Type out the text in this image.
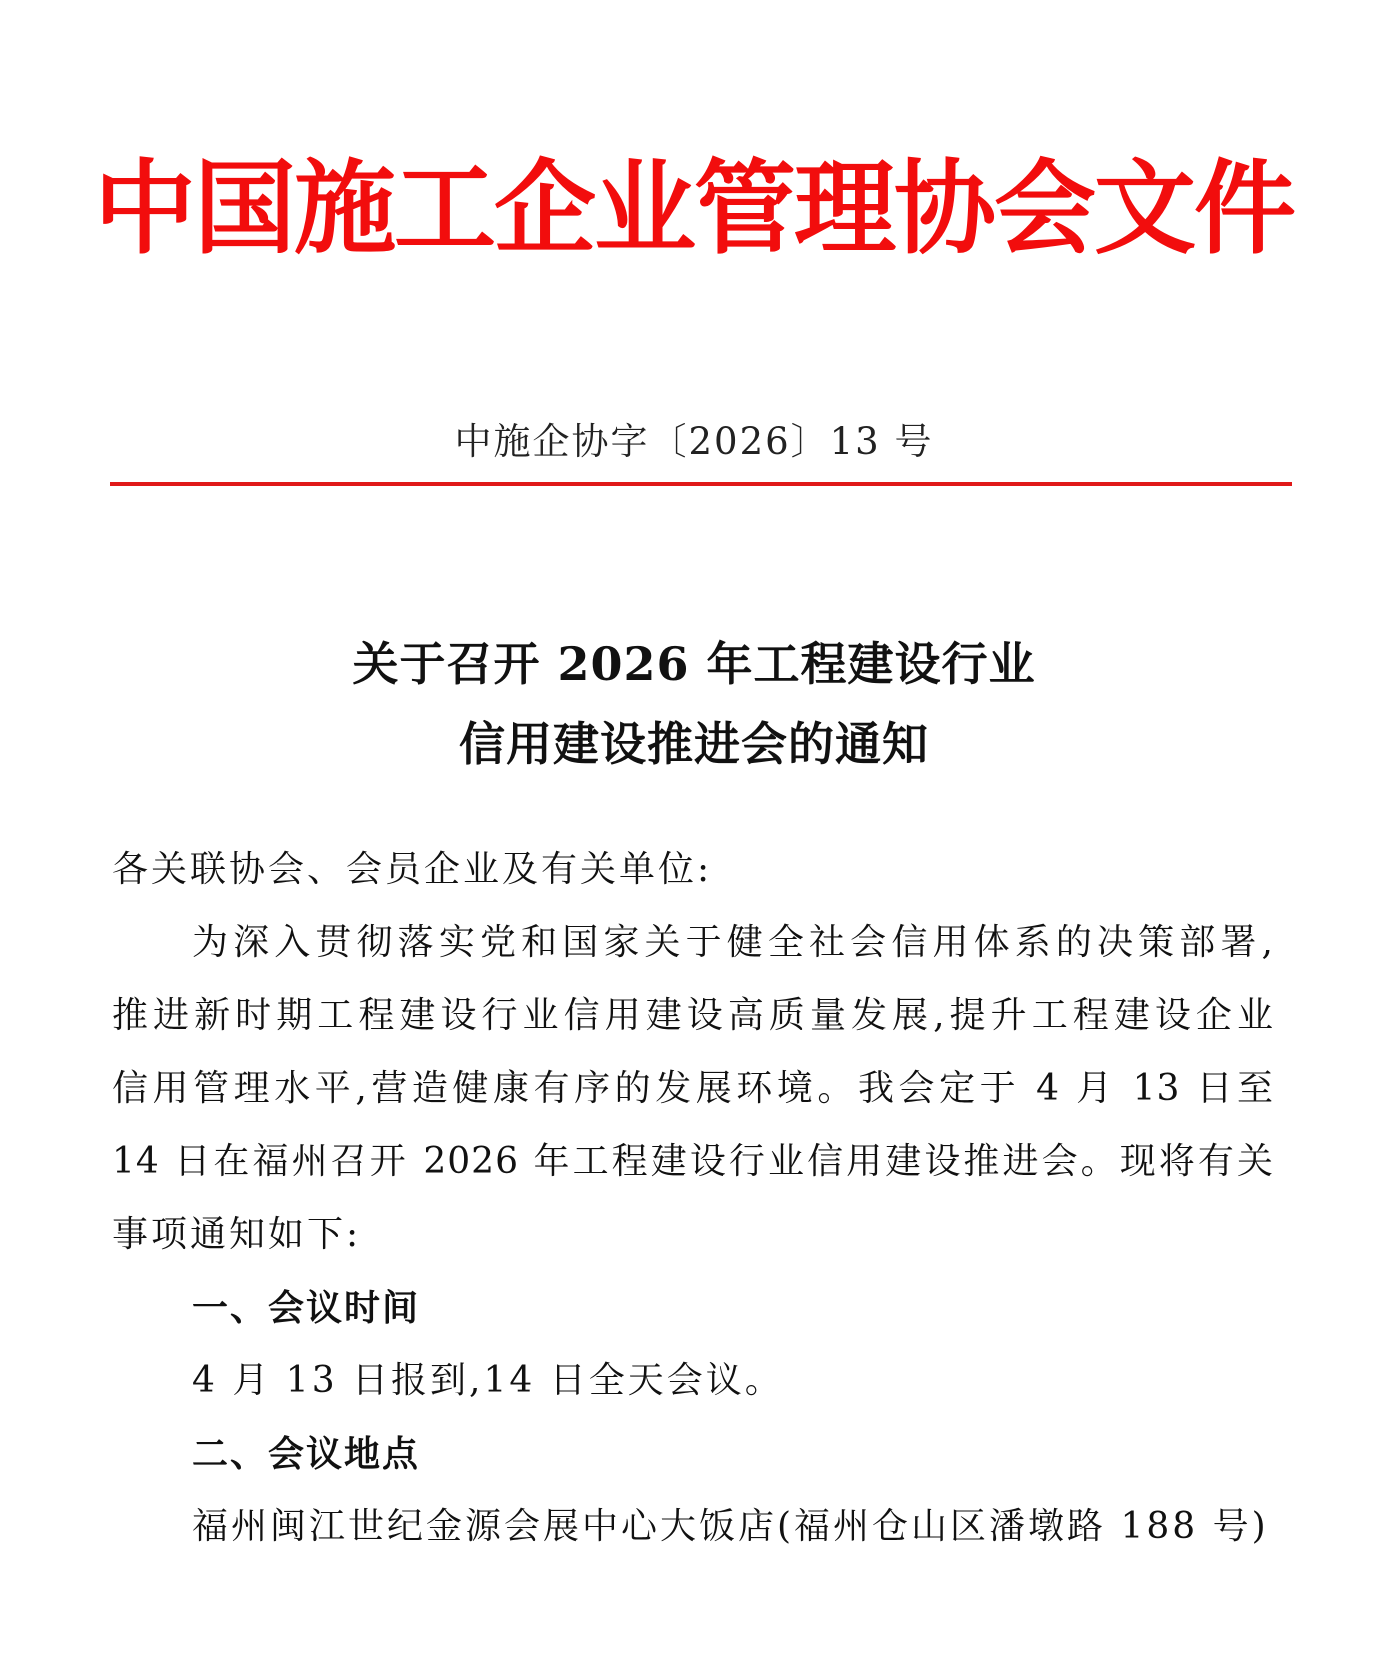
中国施工企业管理协会文件
中施企协字〔2026〕13 号
关于召开 2026 年工程建设行业
信用建设推进会的通知
各关联协会、会员企业及有关单位:
为深入贯彻落实党和国家关于健全社会信用体系的决策部署,
推进新时期工程建设行业信用建设高质量发展,提升工程建设企业
信用管理水平,营造健康有序的发展环境。我会定于 4 月 13 日至
14 日在福州召开 2026 年工程建设行业信用建设推进会。现将有关
事项通知如下:
一、会议时间
4 月 13 日报到,14 日全天会议。
二、会议地点
福州闽江世纪金源会展中心大饭店(福州仓山区潘墩路 188 号)
